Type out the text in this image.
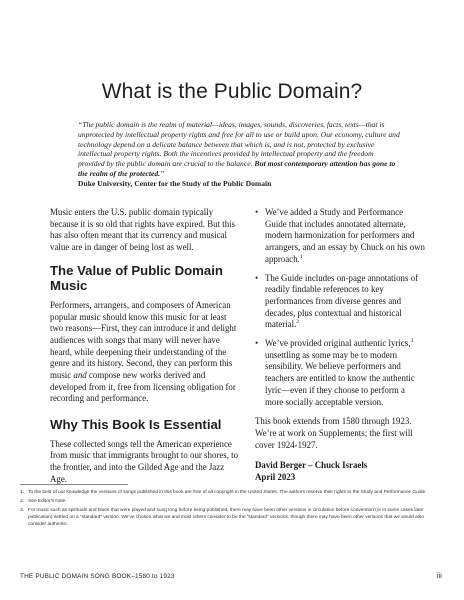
What is the Public Domain?
“The public domain is the realm of material—ideas, images, sounds, discoveries, facts, texts—that is unprotected by intellectual property rights and free for all to use or build upon. Our economy, culture and technology depend on a delicate balance between that which is, and is not, protected by exclusive intellectual property rights. Both the incentives provided by intellectual property and the freedom provided by the public domain are crucial to the balance. But most contemporary attention has gone to the realm of the protected.”
Duke University, Center for the Study of the Public Domain

Music enters the U.S. public domain typically because it is so old that rights have expired. But this has also often meant that its currency and musical value are in danger of being lost as well.

The Value of Public Domain Music

Performers, arrangers, and composers of American popular music should know this music for at least two reasons—First, they can introduce it and delight audiences with songs that many will never have heard, while deepening their understanding of the genre and its history. Second, they can perform this music and compose new works derived and developed from it, free from licensing obligation for recording and performance.

Why This Book Is Essential

These collected songs tell the American experience from music that immigrants brought to our shores, to the frontier, and into the Gilded Age and the Jazz Age.

• We’ve added a Study and Performance Guide that includes annotated alternate, modern harmonization for performers and arrangers, and an essay by Chuck on his own approach.$^1$
• The Guide includes on-page annotations of readily findable references to key performances from diverse genres and decades, plus contextual and historical material.$^2$
• We’ve provided original authentic lyrics,$^3$ unsettling as some may be to modern sensibility. We believe performers and teachers are entitled to know the authentic lyric—even if they choose to perform a more socially acceptable version.

This book extends from 1580 through 1923. We’re at work on Supplements; the first will cover 1924-1927.

David Berger – Chuck Israels
April 2023
1. To the best of our knowledge the versions of songs published in this book are free of all copyright in the United States. The authors reserve their rights to the Study and Performance Guide.
2. See Editor’s Note.
3. For music such as spirituals and blues that were played and sung long before being published, there may have been other versions in circulation before convention (or in some cases later publication) settled on a “standard” version. We’ve chosen what we and most others consider to be the “standard” versions, though there may have been other versions that we would also consider authentic.
THE PUBLIC DOMAIN SONG BOOK–1580 to 1923	iii
